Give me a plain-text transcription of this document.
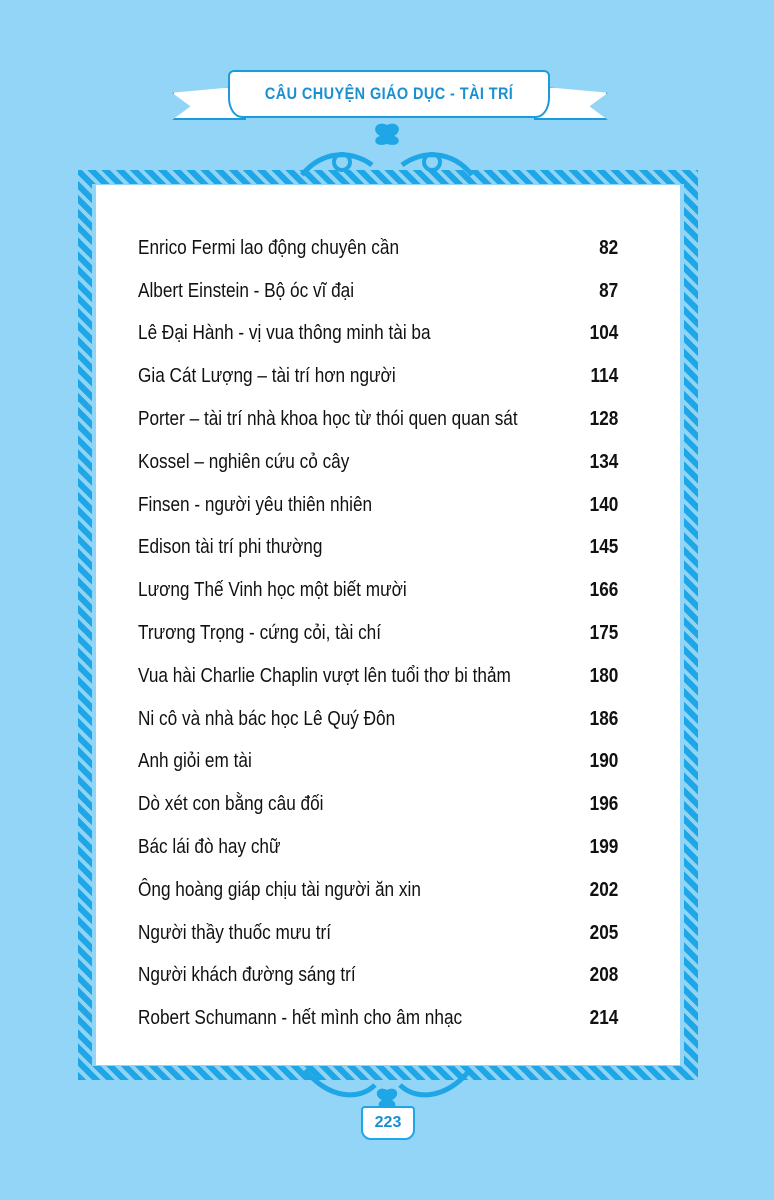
CÂU CHUYỆN GIÁO DỤC - TÀI TRÍ
Enrico Fermi lao động chuyên cần	82
Albert Einstein - Bộ óc vĩ đại	87
Lê Đại Hành - vị vua thông minh tài ba	104
Gia Cát Lượng – tài trí hơn người	114
Porter – tài trí nhà khoa học từ thói quen quan sát	128
Kossel – nghiên cứu cỏ cây	134
Finsen - người yêu thiên nhiên	140
Edison tài trí phi thường	145
Lương Thế Vinh học một biết mười	166
Trương Trọng - cứng cỏi, tài chí	175
Vua hài Charlie Chaplin vượt lên tuổi thơ bi thảm	180
Ni cô và nhà bác học Lê Quý Đôn	186
Anh giỏi em tài	190
Dò xét con bằng câu đối	196
Bác lái đò hay chữ	199
Ông hoàng giáp chịu tài người ăn xin	202
Người thầy thuốc mưu trí	205
Người khách đường sáng trí	208
Robert Schumann - hết mình cho âm nhạc	214
223
